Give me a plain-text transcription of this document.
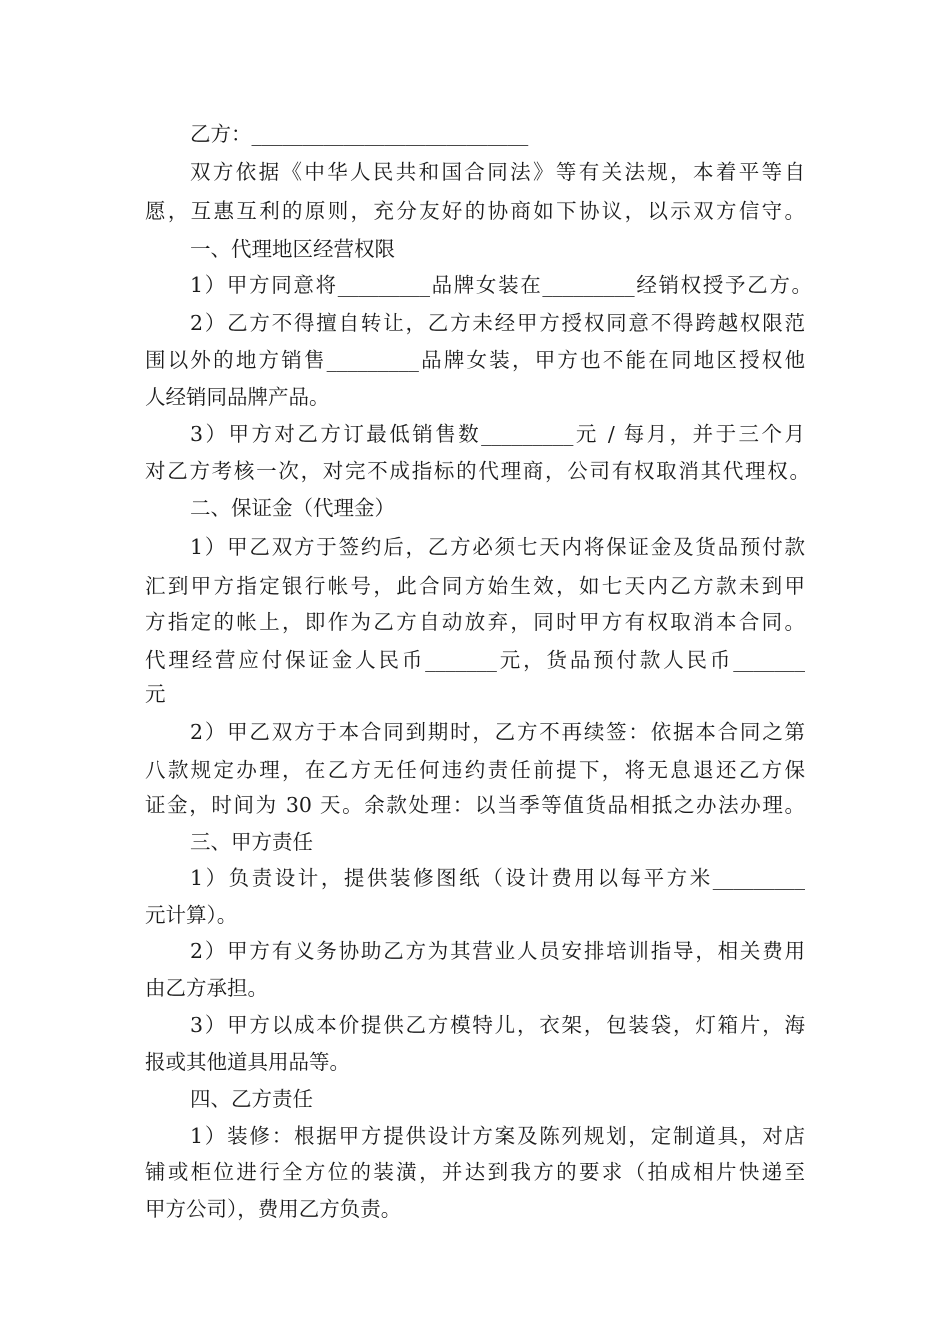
乙方：___________________________
双方依据《中华人民共和国合同法》等有关法规，本着平等自
愿，互惠互利的原则，充分友好的协商如下协议，以示双方信守。
一、代理地区经营权限
1）甲方同意将_________品牌女装在_________经销权授予乙方。
2）乙方不得擅自转让，乙方未经甲方授权同意不得跨越权限范
围以外的地方销售_________品牌女装，甲方也不能在同地区授权他
人经销同品牌产品。
3）甲方对乙方订最低销售数_________元 / 每月，并于三个月
对乙方考核一次，对完不成指标的代理商，公司有权取消其代理权。
二、保证金（代理金）
1）甲乙双方于签约后，乙方必须七天内将保证金及货品预付款
汇到甲方指定银行帐号，此合同方始生效，如七天内乙方款未到甲
方指定的帐上，即作为乙方自动放弃，同时甲方有权取消本合同。
代理经营应付保证金人民币_______元，货品预付款人民币_______
元
2）甲乙双方于本合同到期时，乙方不再续签：依据本合同之第
八款规定办理，在乙方无任何违约责任前提下，将无息退还乙方保
证金，时间为 30 天。余款处理：以当季等值货品相抵之办法办理。
三、甲方责任
1）负责设计，提供装修图纸（设计费用以每平方米_________
元计算）。
2）甲方有义务协助乙方为其营业人员安排培训指导，相关费用
由乙方承担。
3）甲方以成本价提供乙方模特儿，衣架，包装袋，灯箱片，海
报或其他道具用品等。
四、乙方责任
1）装修：根据甲方提供设计方案及陈列规划，定制道具，对店
铺或柜位进行全方位的装潢，并达到我方的要求（拍成相片快递至
甲方公司），费用乙方负责。
